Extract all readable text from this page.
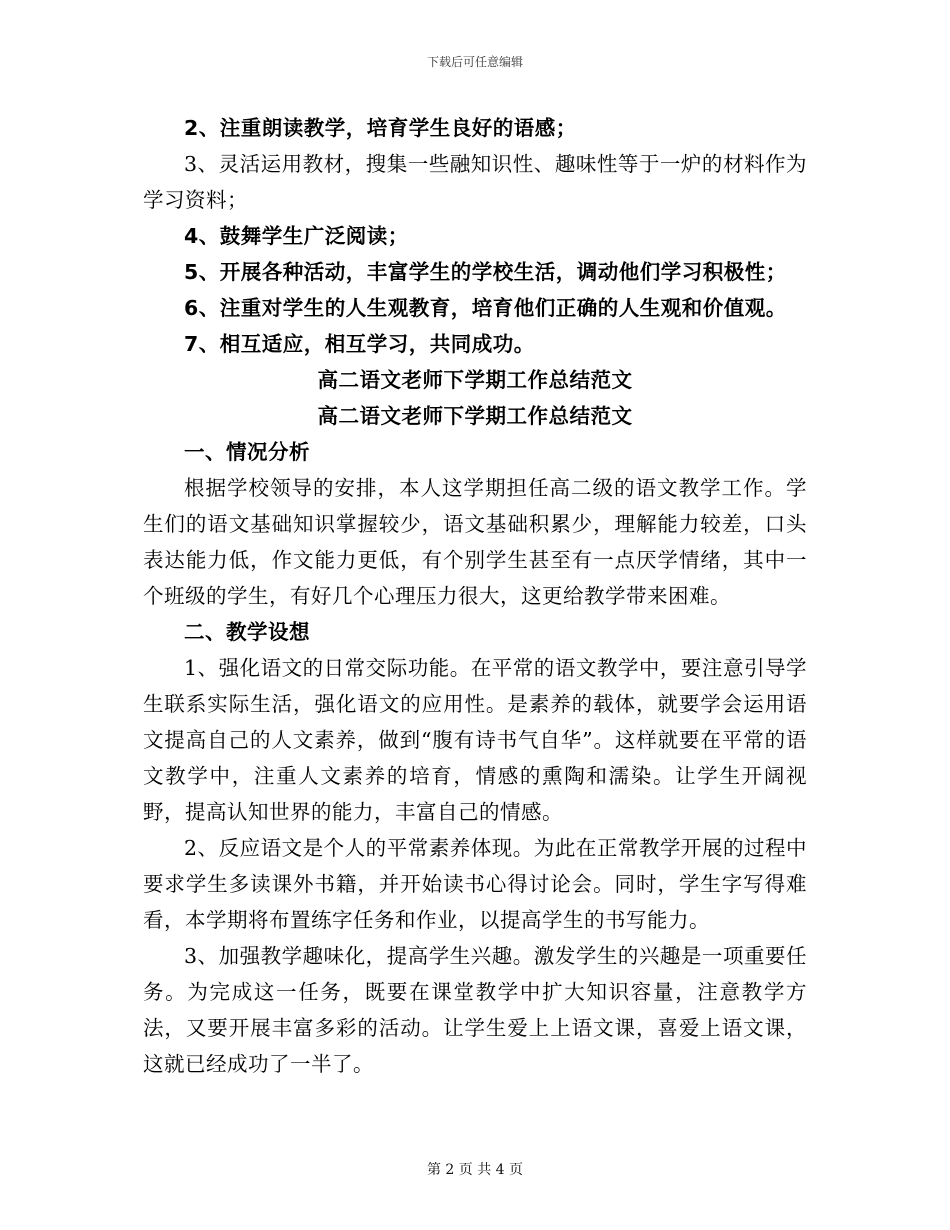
下载后可任意编辑

2、注重朗读教学，培育学生良好的语感；

3、灵活运用教材，搜集一些融知识性、趣味性等于一炉的材料作为学习资料；

4、鼓舞学生广泛阅读；

5、开展各种活动，丰富学生的学校生活，调动他们学习积极性；

6、注重对学生的人生观教育，培育他们正确的人生观和价值观。

7、相互适应，相互学习，共同成功。

高二语文老师下学期工作总结范文

高二语文老师下学期工作总结范文

一、情况分析

根据学校领导的安排，本人这学期担任高二级的语文教学工作。学生们的语文基础知识掌握较少，语文基础积累少，理解能力较差，口头表达能力低，作文能力更低，有个别学生甚至有一点厌学情绪，其中一个班级的学生，有好几个心理压力很大，这更给教学带来困难。

二、教学设想

1、强化语文的日常交际功能。在平常的语文教学中，要注意引导学生联系实际生活，强化语文的应用性。是素养的载体，就要学会运用语文提高自己的人文素养，做到“腹有诗书气自华”。这样就要在平常的语文教学中，注重人文素养的培育，情感的熏陶和濡染。让学生开阔视野，提高认知世界的能力，丰富自己的情感。

2、反应语文是个人的平常素养体现。为此在正常教学开展的过程中要求学生多读课外书籍，并开始读书心得讨论会。同时，学生字写得难看，本学期将布置练字任务和作业，以提高学生的书写能力。

3、加强教学趣味化，提高学生兴趣。激发学生的兴趣是一项重要任务。为完成这一任务，既要在课堂教学中扩大知识容量，注意教学方法，又要开展丰富多彩的活动。让学生爱上上语文课，喜爱上语文课，这就已经成功了一半了。

第 2 页 共 4 页
